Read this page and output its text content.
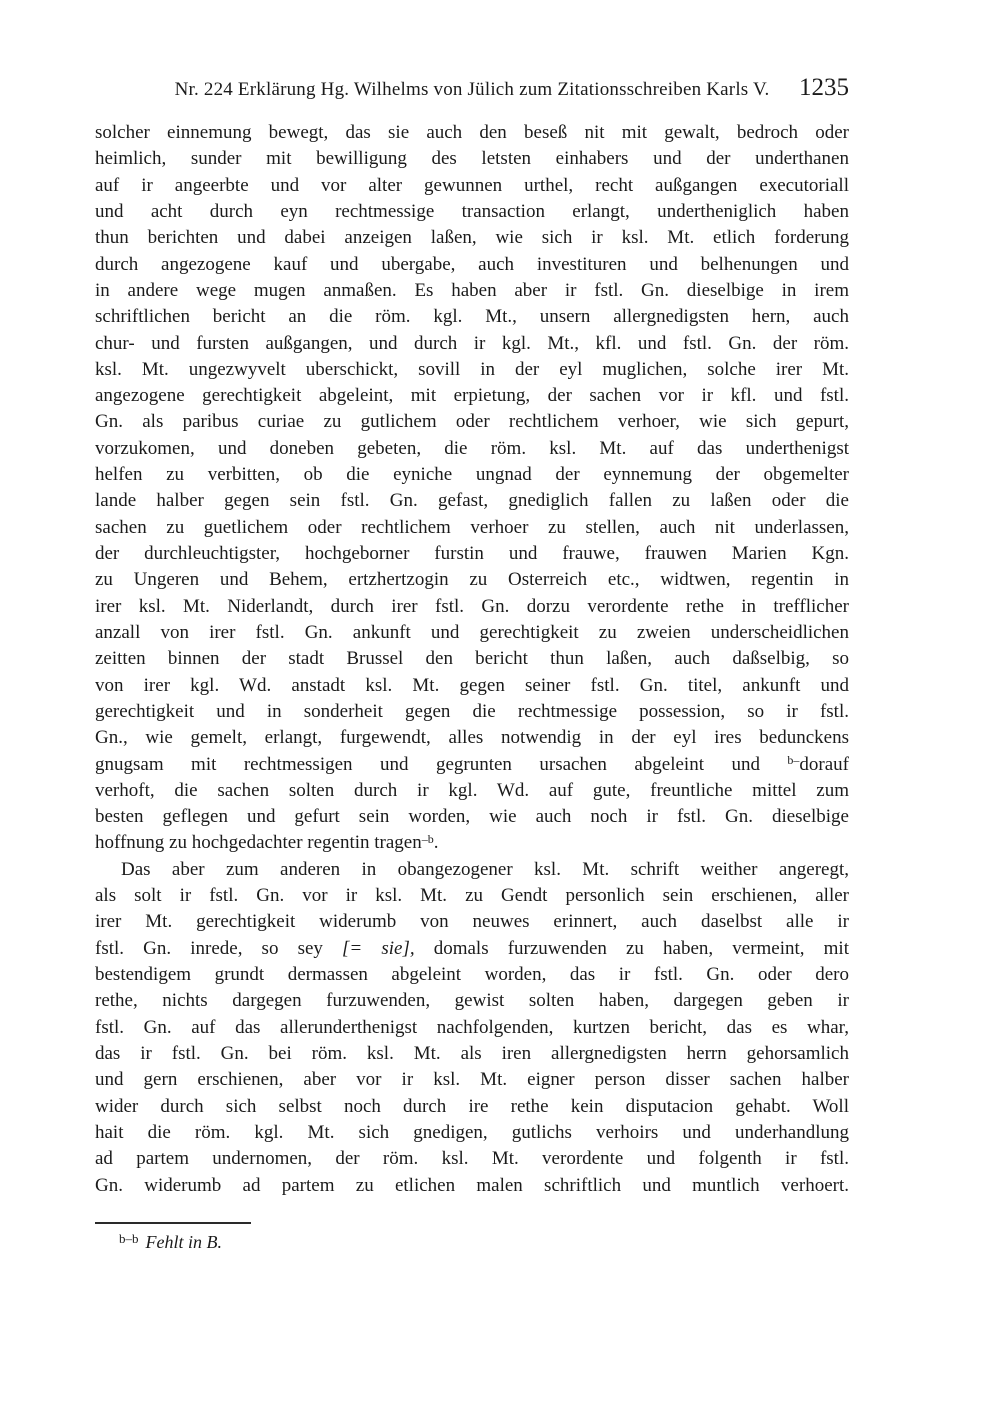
Nr. 224 Erklärung Hg. Wilhelms von Jülich zum Zitationsschreiben Karls V.	1235
solcher einnemung bewegt, das sie auch den beseß nit mit gewalt, bedroch oder
heimlich, sunder mit bewilligung des letsten einhabers und der underthanen
auf ir angeerbte und vor alter gewunnen urthel, recht außgangen executoriall
und acht durch eyn rechtmessige transaction erlangt, undertheniglich haben
thun berichten und dabei anzeigen laßen, wie sich ir ksl. Mt. etlich forderung
durch angezogene kauf und ubergabe, auch investituren und belhenungen und
in andere wege mugen anmaßen. Es haben aber ir fstl. Gn. dieselbige in irem
schriftlichen bericht an die röm. kgl. Mt., unsern allergnedigsten hern, auch
chur- und fursten außgangen, und durch ir kgl. Mt., kfl. und fstl. Gn. der röm.
ksl. Mt. ungezwyvelt uberschickt, sovill in der eyl muglichen, solche irer Mt.
angezogene gerechtigkeit abgeleint, mit erpietung, der sachen vor ir kfl. und fstl.
Gn. als paribus curiae zu gutlichem oder rechtlichem verhoer, wie sich gepurt,
vorzukomen, und doneben gebeten, die röm. ksl. Mt. auf das underthenigst
helfen zu verbitten, ob die eyniche ungnad der eynnemung der obgemelter
lande halber gegen sein fstl. Gn. gefast, gnediglich fallen zu laßen oder die
sachen zu guetlichem oder rechtlichem verhoer zu stellen, auch nit underlassen,
der durchleuchtigster, hochgeborner furstin und frauwe, frauwen Marien Kgn.
zu Ungeren und Behem, ertzhertzogin zu Osterreich etc., widtwen, regentin in
irer ksl. Mt. Niderlandt, durch irer fstl. Gn. dorzu verordente rethe in trefflicher
anzall von irer fstl. Gn. ankunft und gerechtigkeit zu zweien underscheidlichen
zeitten binnen der stadt Brussel den bericht thun laßen, auch daßselbig, so
von irer kgl. Wd. anstadt ksl. Mt. gegen seiner fstl. Gn. titel, ankunft und
gerechtigkeit und in sonderheit gegen die rechtmessige possession, so ir fstl.
Gn., wie gemelt, erlangt, furgewendt, alles notwendig in der eyl ires bedunckens
gnugsam mit rechtmessigen und gegrunten ursachen abgeleint und $^{b-}$dorauf
verhoft, die sachen solten durch ir kgl. Wd. auf gute, freuntliche mittel zum
besten geflegen und gefurt sein worden, wie auch noch ir fstl. Gn. dieselbige
hoffnung zu hochgedachter regentin tragen$^{-b}$.
Das aber zum anderen in obangezogener ksl. Mt. schrift weither angeregt,
als solt ir fstl. Gn. vor ir ksl. Mt. zu Gendt personlich sein erschienen, aller
irer Mt. gerechtigkeit widerumb von neuwes erinnert, auch daselbst alle ir
fstl. Gn. inrede, so sey [= sie], domals furzuwenden zu haben, vermeint, mit
bestendigem grundt dermassen abgeleint worden, das ir fstl. Gn. oder dero
rethe, nichts dargegen furzuwenden, gewist solten haben, dargegen geben ir
fstl. Gn. auf das allerunderthenigst nachfolgenden, kurtzen bericht, das es whar,
das ir fstl. Gn. bei röm. ksl. Mt. als iren allergnedigsten herrn gehorsamlich
und gern erschienen, aber vor ir ksl. Mt. eigner person disser sachen halber
wider durch sich selbst noch durch ire rethe kein disputacion gehabt. Woll
hait die röm. kgl. Mt. sich gnedigen, gutlichs verhoirs und underhandlung
ad partem undernomen, der röm. ksl. Mt. verordente und folgenth ir fstl.
Gn. widerumb ad partem zu etlichen malen schriftlich und muntlich verhoert.
$^{b-b}$ Fehlt in B.
